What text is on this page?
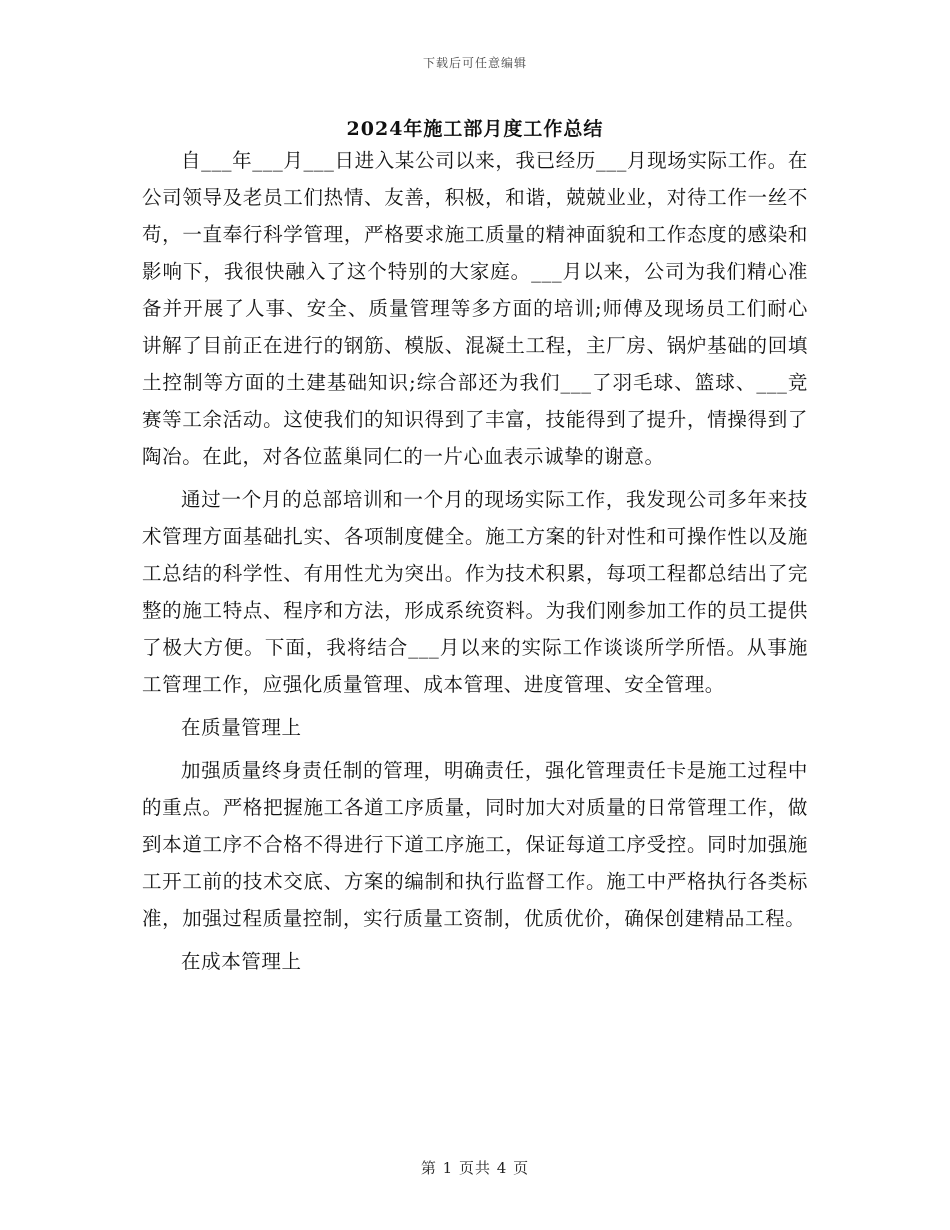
下载后可任意编辑
2024年施工部月度工作总结

自___年___月___日进入某公司以来，我已经历___月现场实际工作。在公司领导及老员工们热情、友善，积极，和谐，兢兢业业，对待工作一丝不苟，一直奉行科学管理，严格要求施工质量的精神面貌和工作态度的感染和影响下，我很快融入了这个特别的大家庭。___月以来，公司为我们精心准备并开展了人事、安全、质量管理等多方面的培训;师傅及现场员工们耐心讲解了目前正在进行的钢筋、模版、混凝土工程，主厂房、锅炉基础的回填土控制等方面的土建基础知识;综合部还为我们___了羽毛球、篮球、___竞赛等工余活动。这使我们的知识得到了丰富，技能得到了提升，情操得到了陶冶。在此，对各位蓝巢同仁的一片心血表示诚挚的谢意。

通过一个月的总部培训和一个月的现场实际工作，我发现公司多年来技术管理方面基础扎实、各项制度健全。施工方案的针对性和可操作性以及施工总结的科学性、有用性尤为突出。作为技术积累，每项工程都总结出了完整的施工特点、程序和方法，形成系统资料。为我们刚参加工作的员工提供了极大方便。下面，我将结合___月以来的实际工作谈谈所学所悟。从事施工管理工作，应强化质量管理、成本管理、进度管理、安全管理。

在质量管理上

加强质量终身责任制的管理，明确责任，强化管理责任卡是施工过程中的重点。严格把握施工各道工序质量，同时加大对质量的日常管理工作，做到本道工序不合格不得进行下道工序施工，保证每道工序受控。同时加强施工开工前的技术交底、方案的编制和执行监督工作。施工中严格执行各类标准，加强过程质量控制，实行质量工资制，优质优价，确保创建精品工程。

在成本管理上

第 1 页共 4 页
